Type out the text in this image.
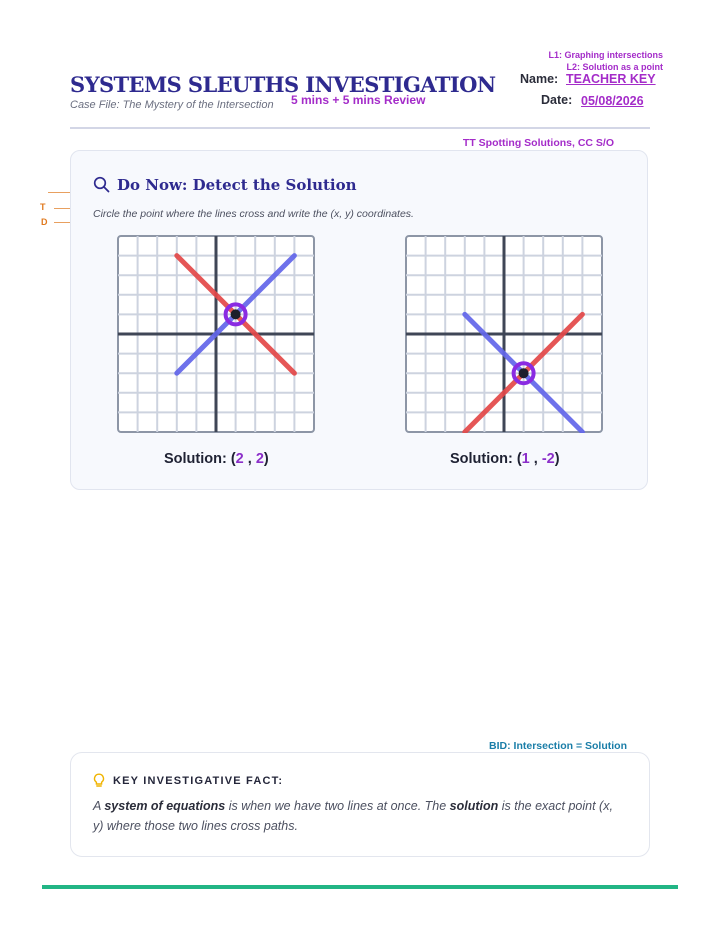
L1: Graphing intersections
L2: Solution as a point
SYSTEMS SLEUTHS INVESTIGATION
5 mins + 5 mins Review
Case File: The Mystery of the Intersection
Name: TEACHER KEY
Date: 05/08/2026
TT Spotting Solutions, CC S/O
T
D
Do Now: Detect the Solution
Circle the point where the lines cross and write the (x, y) coordinates.
Solution: (2 , 2)	Solution: (1 , -2)
BID: Intersection = Solution
KEY INVESTIGATIVE FACT:
A system of equations is when we have two lines at once. The solution is the exact point (x, y) where those two lines cross paths.
